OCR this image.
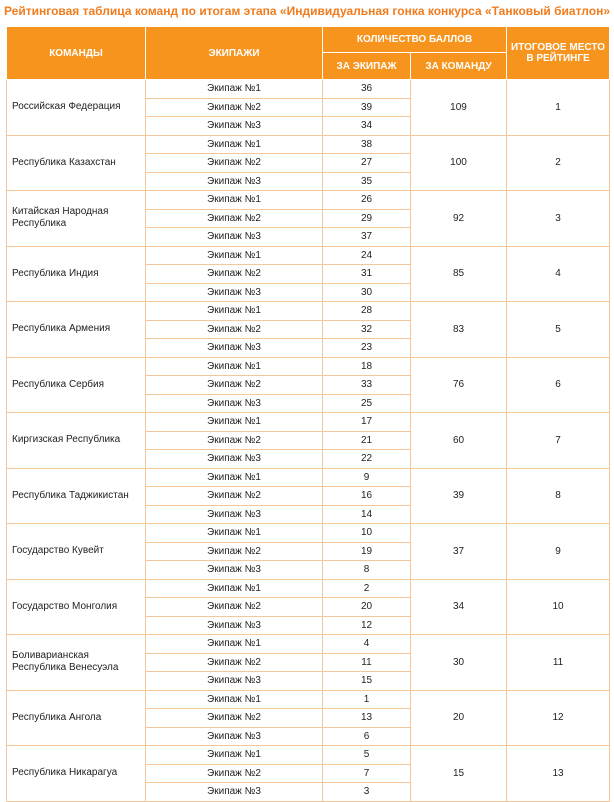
Рейтинговая таблица команд по итогам этапа «Индивидуальная гонка конкурса «Танковый биатлон»
КОМАНДЫ	ЭКИПАЖИ	КОЛИЧЕСТВО БАЛЛОВ		ИТОГОВОЕ МЕСТО В РЕЙТИНГЕ
		ЗА ЭКИПАЖ	ЗА КОМАНДУ	
Российская Федерация	Экипаж №1	36	109	1
	Экипаж №2	39		
	Экипаж №3	34		
Республика Казахстан	Экипаж №1	38	100	2
	Экипаж №2	27		
	Экипаж №3	35		
Китайская Народная Республика	Экипаж №1	26	92	3
	Экипаж №2	29		
	Экипаж №3	37		
Республика Индия	Экипаж №1	24	85	4
	Экипаж №2	31		
	Экипаж №3	30		
Республика Армения	Экипаж №1	28	83	5
	Экипаж №2	32		
	Экипаж №3	23		
Республика Сербия	Экипаж №1	18	76	6
	Экипаж №2	33		
	Экипаж №3	25		
Киргизская Республика	Экипаж №1	17	60	7
	Экипаж №2	21		
	Экипаж №3	22		
Республика Таджикистан	Экипаж №1	9	39	8
	Экипаж №2	16		
	Экипаж №3	14		
Государство Кувейт	Экипаж №1	10	37	9
	Экипаж №2	19		
	Экипаж №3	8		
Государство Монголия	Экипаж №1	2	34	10
	Экипаж №2	20		
	Экипаж №3	12		
Боливарианская Республика Венесуэла	Экипаж №1	4	30	11
	Экипаж №2	11		
	Экипаж №3	15		
Республика Ангола	Экипаж №1	1	20	12
	Экипаж №2	13		
	Экипаж №3	6		
Республика Никарагуа	Экипаж №1	5	15	13
	Экипаж №2	7		
	Экипаж №3	3		
